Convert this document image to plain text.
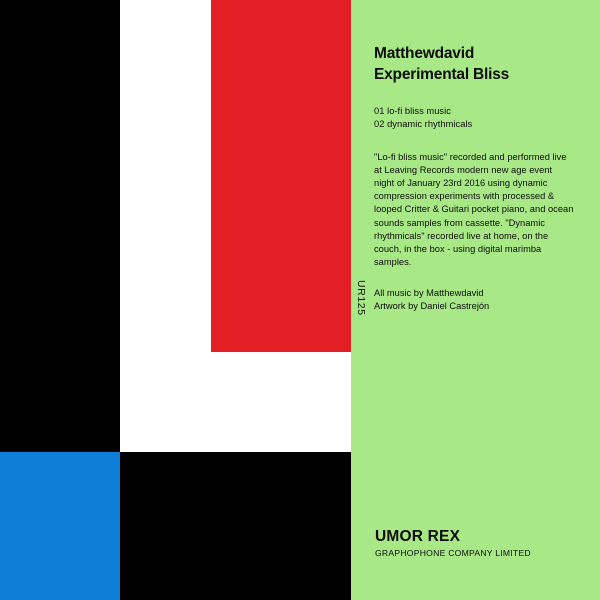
Matthewdavid
Experimental Bliss
01 lo-fi bliss music
02 dynamic rhythmicals
"Lo-fi bliss music" recorded and performed live at Leaving Records modern new age event night of January 23rd 2016 using dynamic compression experiments with processed & looped Critter & Guitari pocket piano, and ocean sounds samples from cassette. "Dynamic rhythmicals" recorded live at home, on the couch, in the box - using digital marimba samples.
All music by Matthewdavid
Artwork by Daniel Castrejón
UR125
UMOR REX
GRAPHOPHONE COMPANY LIMITED
